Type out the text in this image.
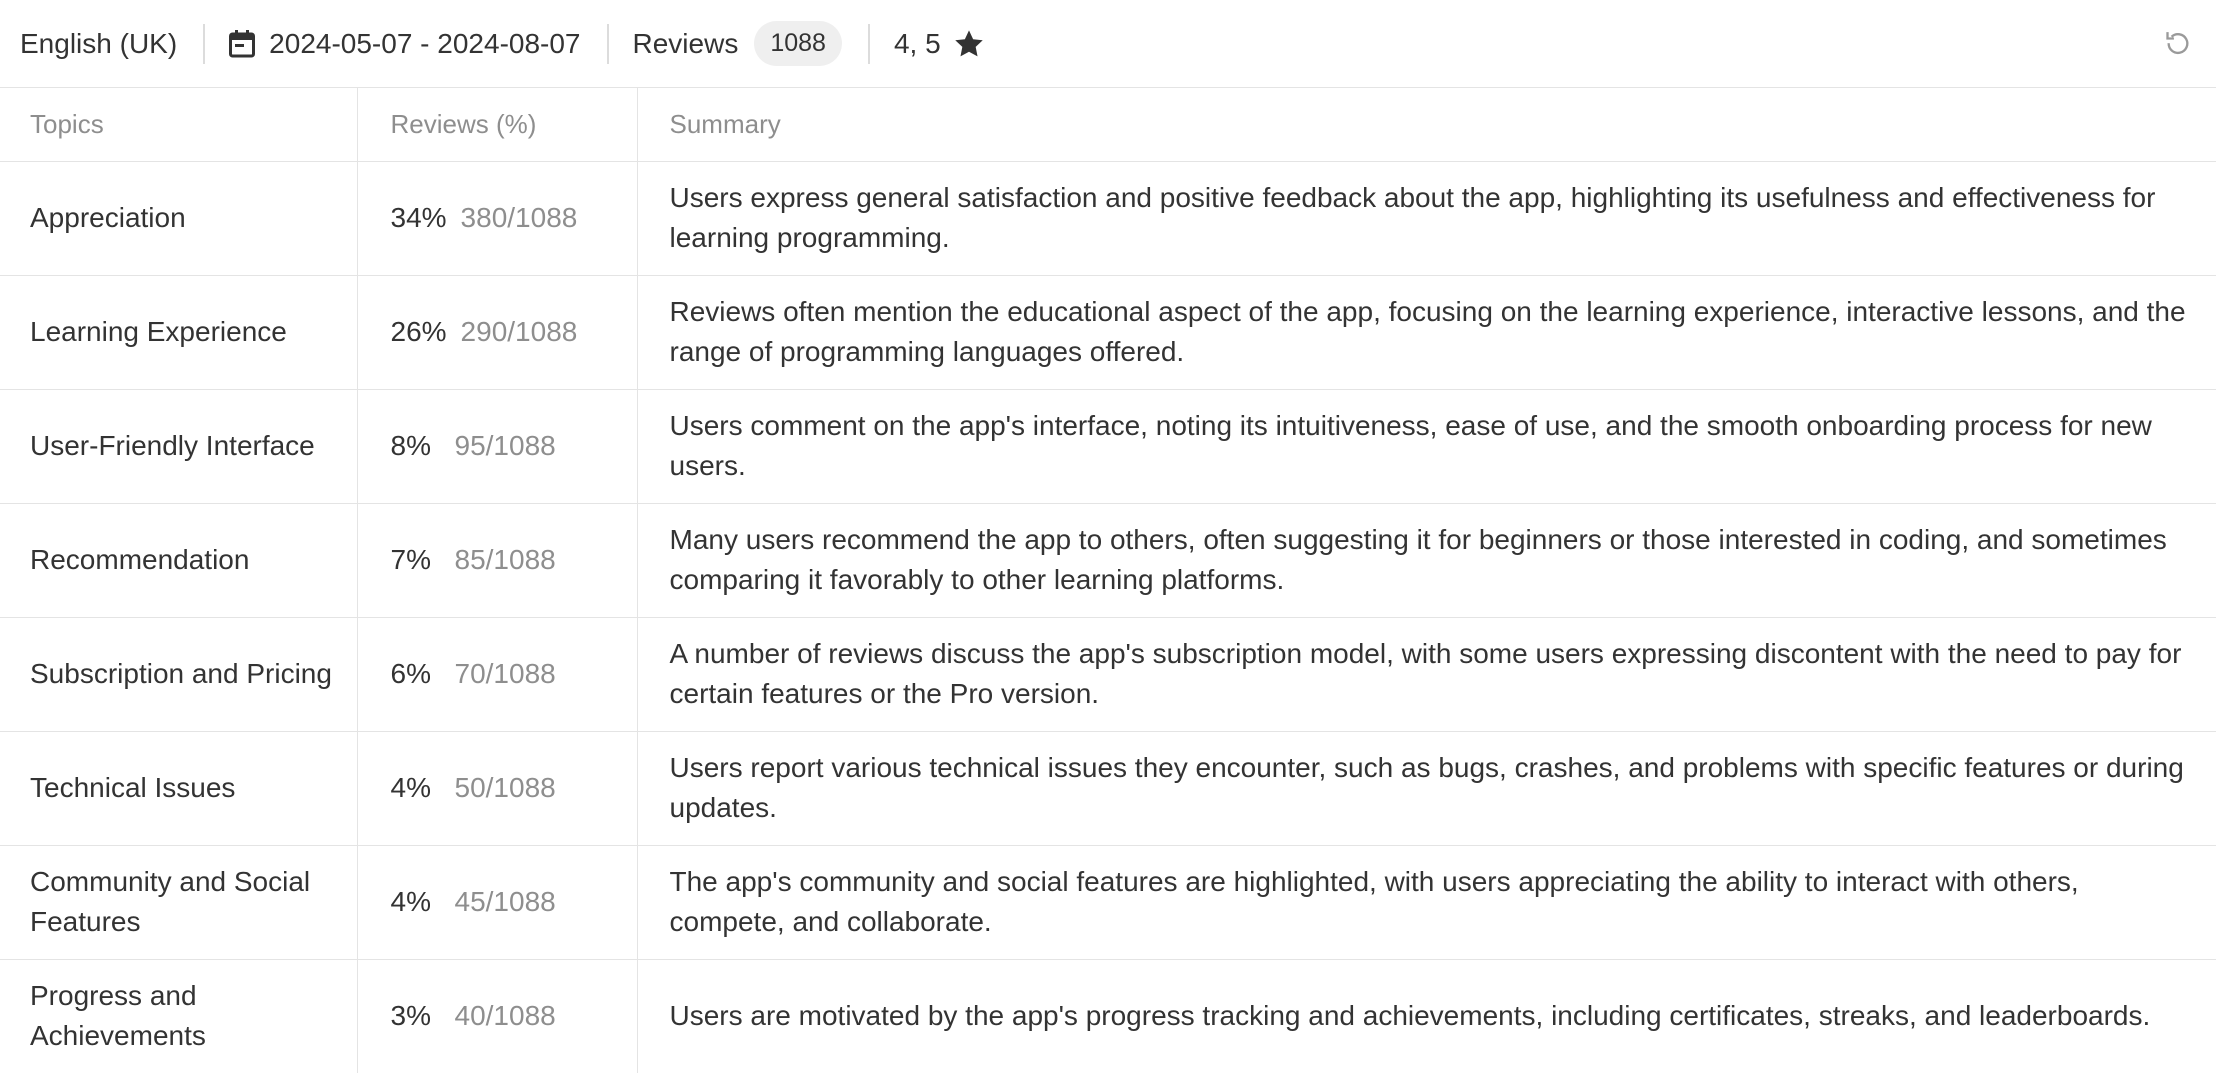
English (UK)	2024-05-07 - 2024-08-07 Reviews	1088	4, 5
Topics	Reviews (%)	Summary
Appreciation	34% 380/1088	Users express general satisfaction and positive feedback about the app, highlighting its usefulness and effectiveness for learning programming.
Learning Experience	26% 290/1088	Reviews often mention the educational aspect of the app, focusing on the learning experience, interactive lessons, and the range of programming languages offered.
User-Friendly Interface	8% 95/1088	Users comment on the app's interface, noting its intuitiveness, ease of use, and the smooth onboarding process for new users.
Recommendation	7% 85/1088	Many users recommend the app to others, often suggesting it for beginners or those interested in coding, and sometimes comparing it favorably to other learning platforms.
Subscription and Pricing	6% 70/1088	A number of reviews discuss the app's subscription model, with some users expressing discontent with the need to pay for certain features or the Pro version.
Technical Issues	4% 50/1088	Users report various technical issues they encounter, such as bugs, crashes, and problems with specific features or during updates.
Community and Social Features	4% 45/1088	The app's community and social features are highlighted, with users appreciating the ability to interact with others, compete, and collaborate.
Progress and Achievements	3% 40/1088	Users are motivated by the app's progress tracking and achievements, including certificates, streaks, and leaderboards.
